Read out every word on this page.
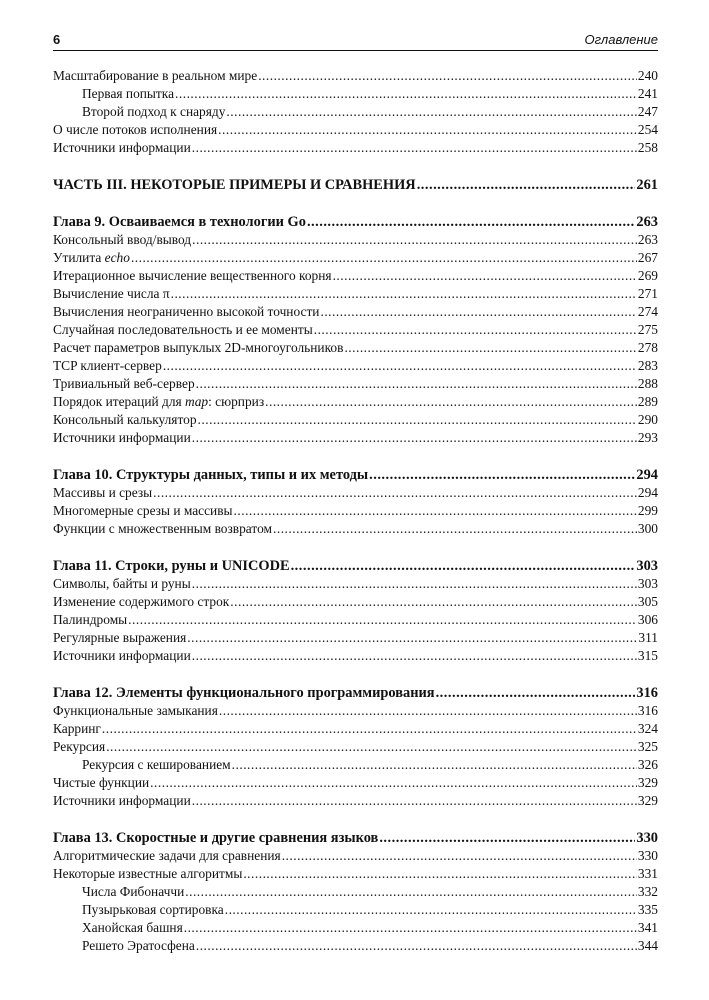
6	Оглавление
Масштабирование в реальном мире .....	240
Первая попытка .....	241
Второй подход к снаряду .....	247
О числе потоков исполнения .....	254
Источники информации .....	258
ЧАСТЬ III. НЕКОТОРЫЕ ПРИМЕРЫ И СРАВНЕНИЯ .....	261
Глава 9. Осваиваемся в технологии Go .....	263
Консольный ввод/вывод .....	263
Утилита echo .....	267
Итерационное вычисление вещественного корня .....	269
Вычисление числа π .....	271
Вычисления неограниченно высокой точности .....	274
Случайная последовательность и ее моменты .....	275
Расчет параметров выпуклых 2D-многоугольников .....	278
TCP клиент-сервер .....	283
Тривиальный веб-сервер .....	288
Порядок итераций для map: сюрприз .....	289
Консольный калькулятор .....	290
Источники информации .....	293
Глава 10. Структуры данных, типы и их методы .....	294
Массивы и срезы .....	294
Многомерные срезы и массивы .....	299
Функции с множественным возвратом .....	300
Глава 11. Строки, руны и UNICODE .....	303
Символы, байты и руны .....	303
Изменение содержимого строк .....	305
Палиндромы .....	306
Регулярные выражения .....	311
Источники информации .....	315
Глава 12. Элементы функционального программирования .....	316
Функциональные замыкания .....	316
Карринг .....	324
Рекурсия .....	325
Рекурсия с кешированием .....	326
Чистые функции .....	329
Источники информации .....	329
Глава 13. Скоростные и другие сравнения языков .....	330
Алгоритмические задачи для сравнения .....	330
Некоторые известные алгоритмы .....	331
Числа Фибоначчи .....	332
Пузырьковая сортировка .....	335
Ханойская башня .....	341
Решето Эратосфена .....	344
